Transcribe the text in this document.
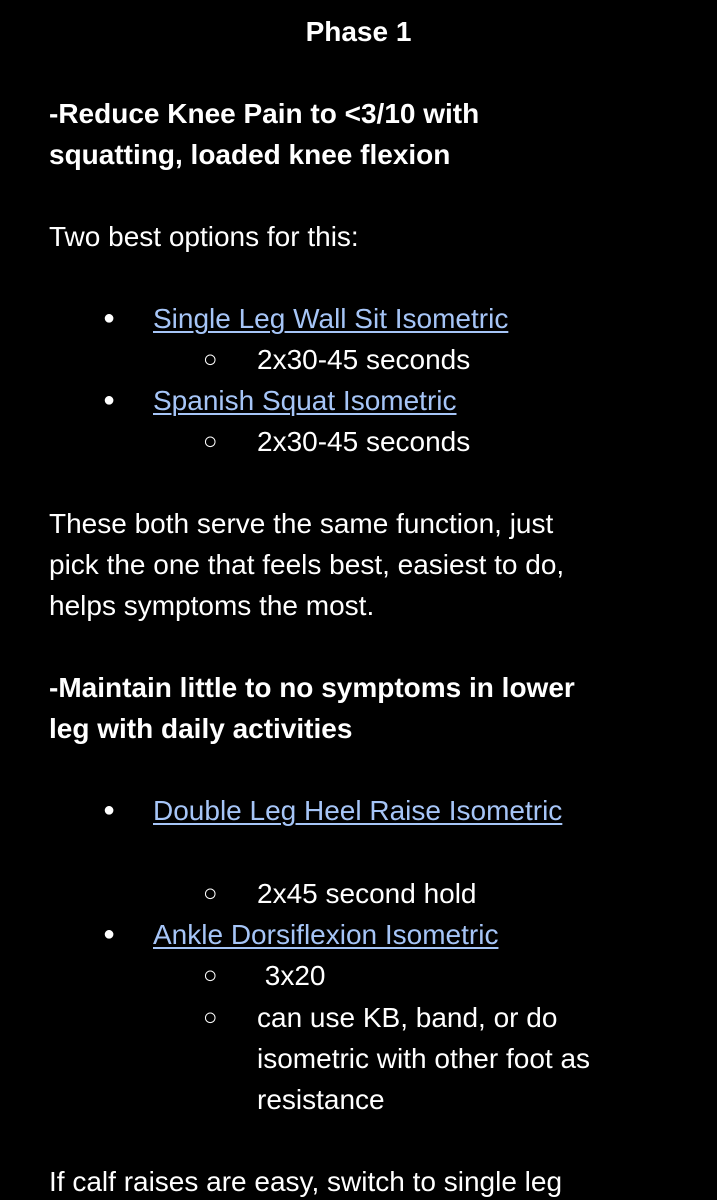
Phase 1
-Reduce Knee Pain to <3/10 with
squatting, loaded knee flexion
Two best options for this:
● Single Leg Wall Sit Isometric
○ 2x30-45 seconds
● Spanish Squat Isometric
○ 2x30-45 seconds
These both serve the same function, just
pick the one that feels best, easiest to do,
helps symptoms the most.
-Maintain little to no symptoms in lower
leg with daily activities
● Double Leg Heel Raise Isometric
○ 2x45 second hold
● Ankle Dorsiflexion Isometric
○ 3x20
○ can use KB, band, or do
isometric with other foot as
resistance
If calf raises are easy, switch to single leg
